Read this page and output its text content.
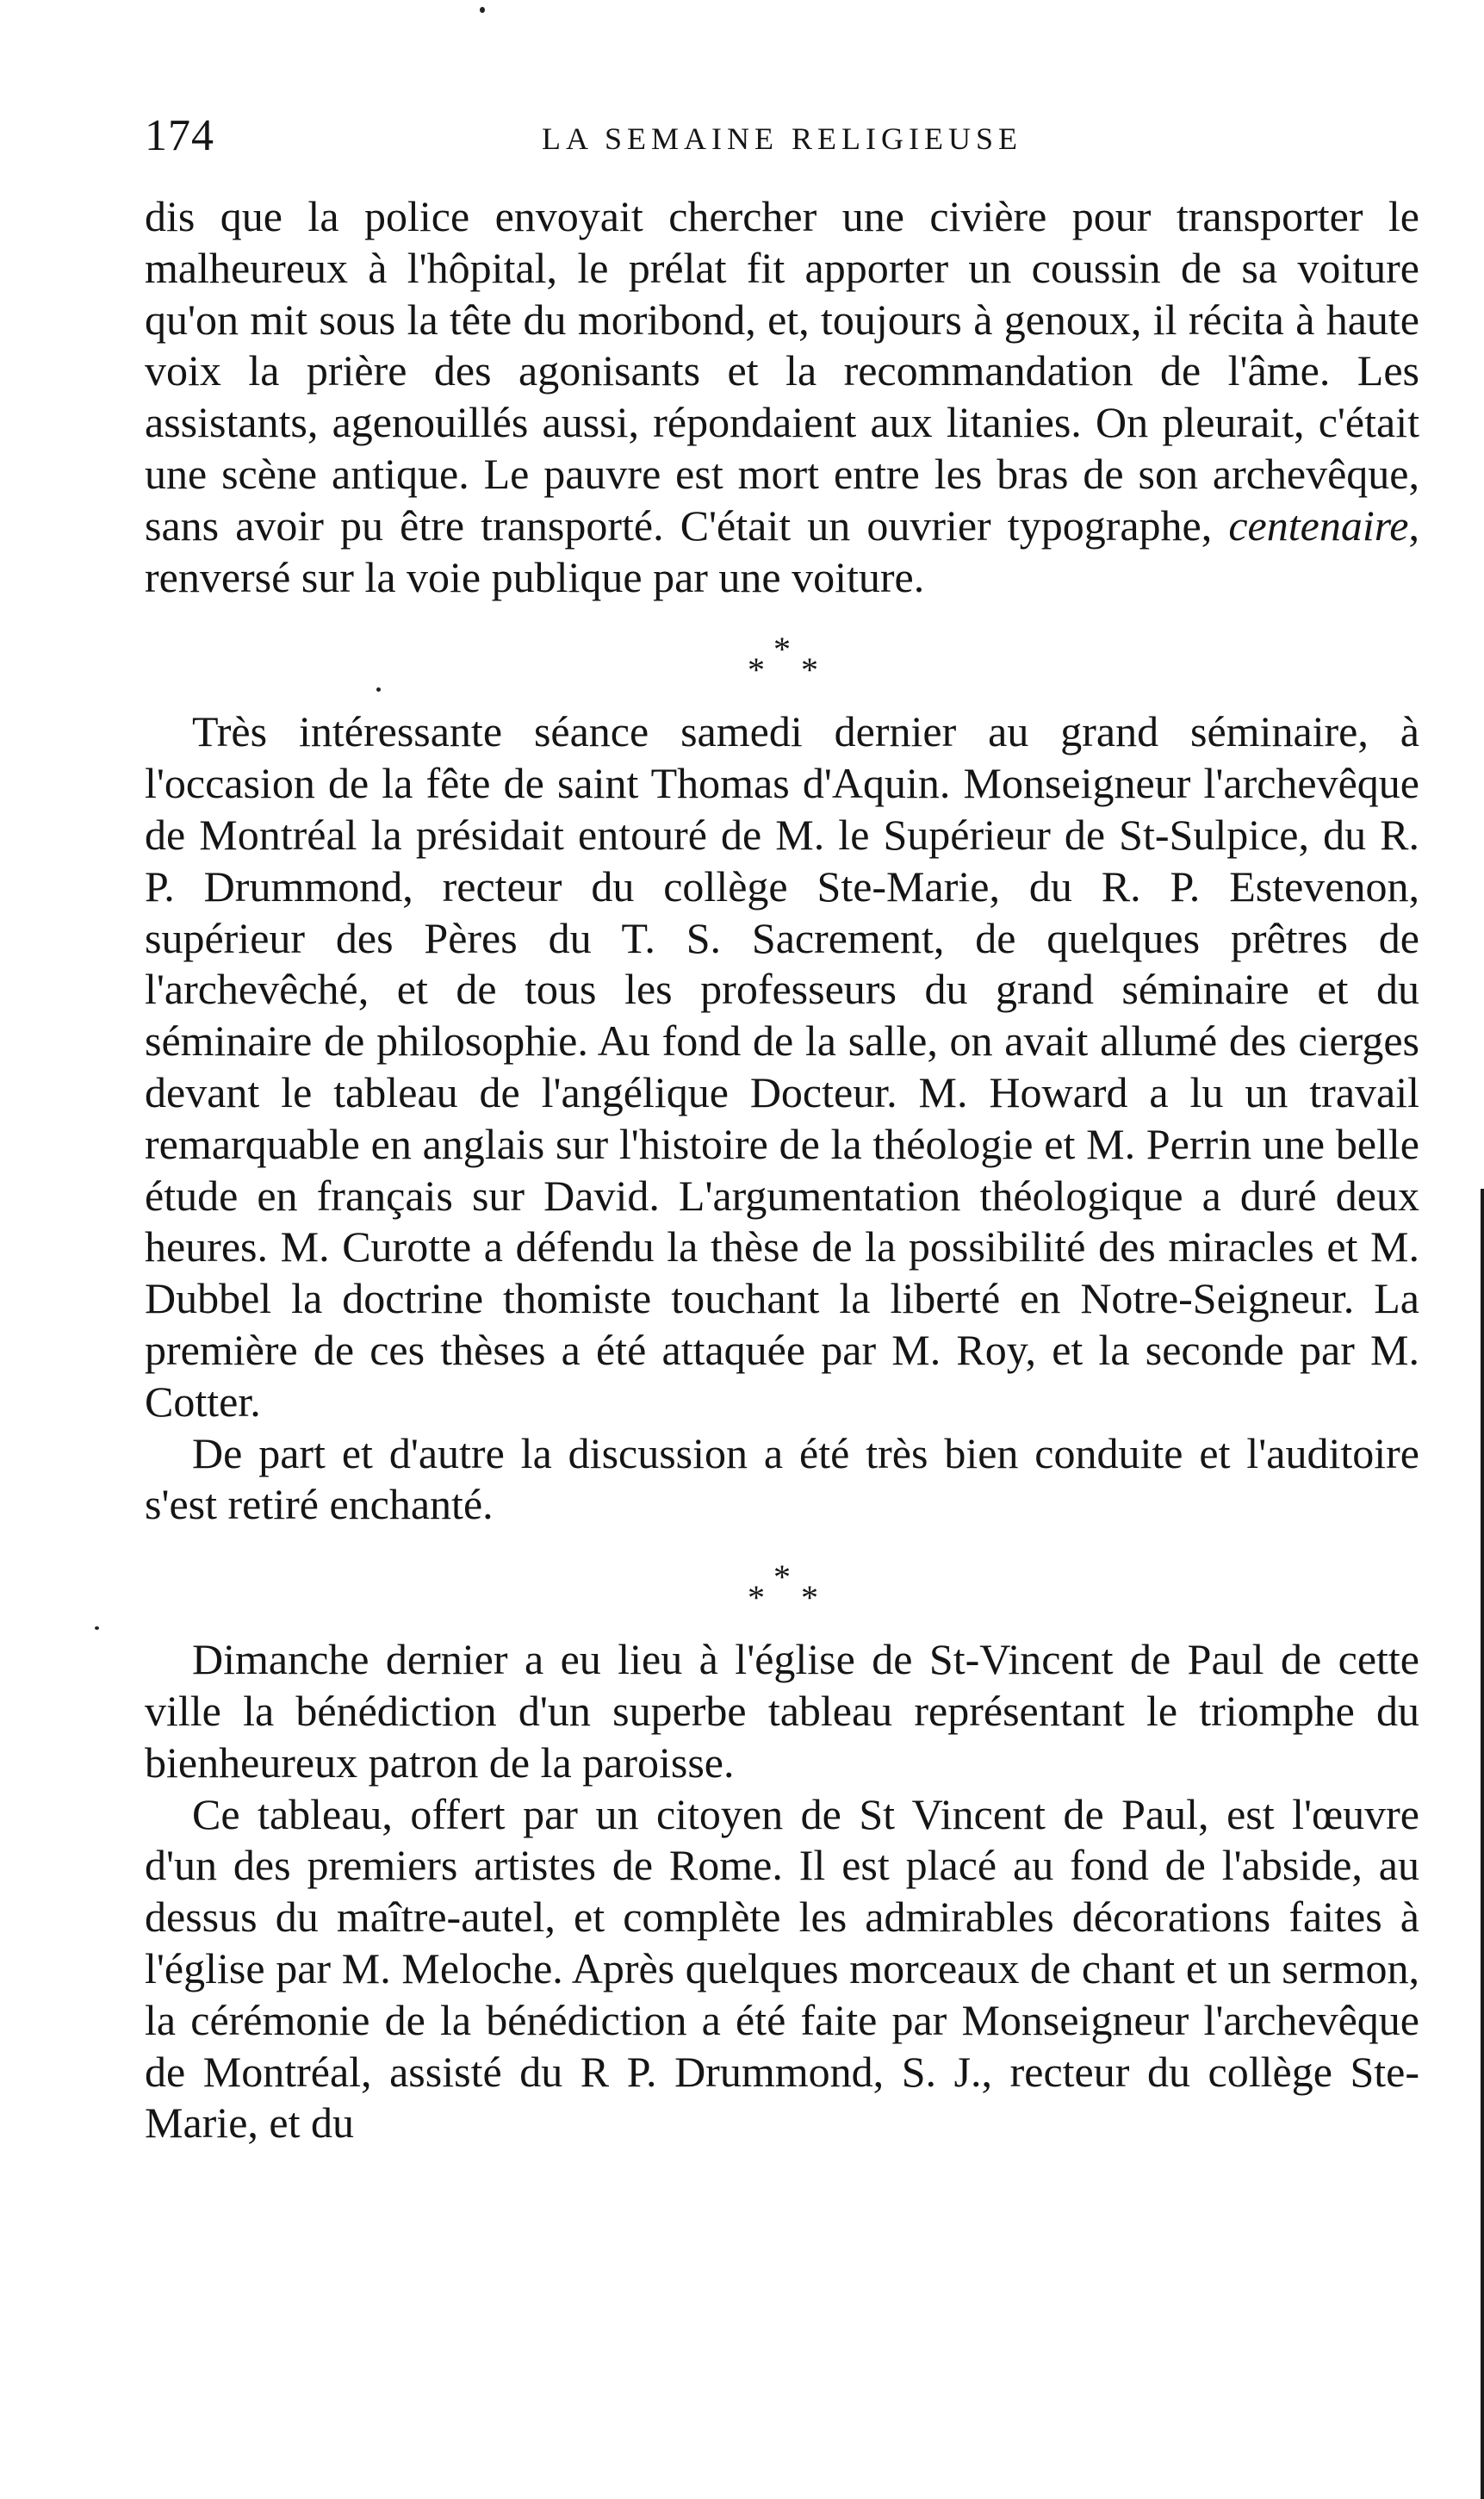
174	LA SEMAINE RELIGIEUSE

dis que la police envoyait chercher une civière pour transporter le malheureux à l'hôpital, le prélat fit apporter un coussin de sa voiture qu'on mit sous la tête du moribond, et, toujours à genoux, il récita à haute voix la prière des agonisants et la recommandation de l'âme. Les assistants, agenouillés aussi, répondaient aux litanies. On pleurait, c'était une scène antique. Le pauvre est mort entre les bras de son archevêque, sans avoir pu être transporté. C'était un ouvrier typographe, centenaire, renversé sur la voie publique par une voiture.

*
* *

Très intéressante séance samedi dernier au grand séminaire, à l'occasion de la fête de saint Thomas d'Aquin. Monseigneur l'archevêque de Montréal la présidait entouré de M. le Supérieur de St-Sulpice, du R. P. Drummond, recteur du collège Ste-Marie, du R. P. Estevenon, supérieur des Pères du T. S. Sacrement, de quelques prêtres de l'archevêché, et de tous les professeurs du grand séminaire et du séminaire de philosophie. Au fond de la salle, on avait allumé des cierges devant le tableau de l'angélique Docteur. M. Howard a lu un travail remarquable en anglais sur l'histoire de la théologie et M. Perrin une belle étude en français sur David. L'argumentation théologique a duré deux heures. M. Curotte a défendu la thèse de la possibilité des miracles et M. Dubbel la doctrine thomiste touchant la liberté en Notre-Seigneur. La première de ces thèses a été attaquée par M. Roy, et la seconde par M. Cotter.

De part et d'autre la discussion a été très bien conduite et l'auditoire s'est retiré enchanté.

*
* *

Dimanche dernier a eu lieu à l'église de St-Vincent de Paul de cette ville la bénédiction d'un superbe tableau représentant le triomphe du bienheureux patron de la paroisse.

Ce tableau, offert par un citoyen de St Vincent de Paul, est l'œuvre d'un des premiers artistes de Rome. Il est placé au fond de l'abside, au dessus du maître-autel, et complète les admirables décorations faites à l'église par M. Meloche. Après quelques morceaux de chant et un sermon, la cérémonie de la bénédiction a été faite par Monseigneur l'archevêque de Montréal, assisté du R P. Drummond, S. J., recteur du collège Ste-Marie, et du
